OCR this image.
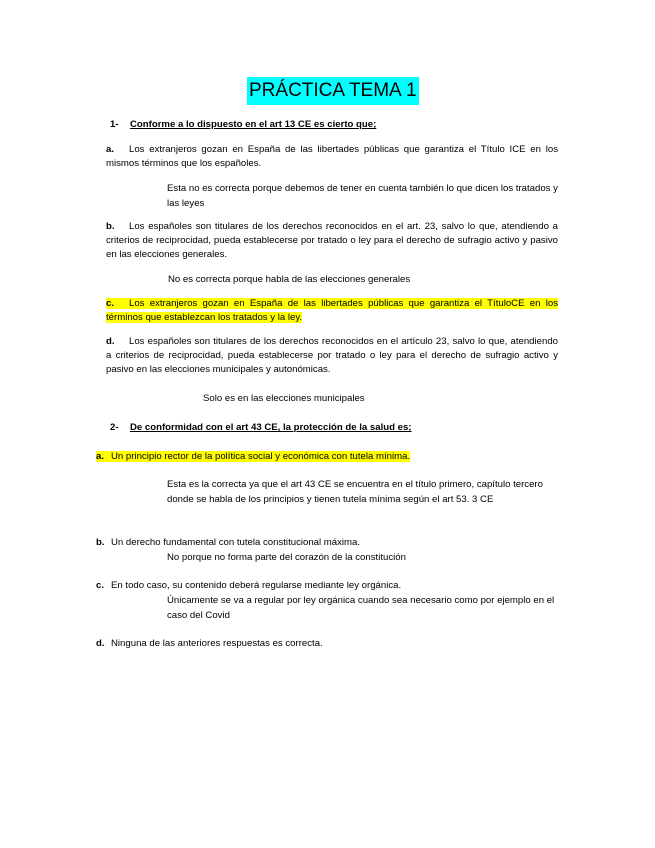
PRÁCTICA TEMA 1
1- Conforme a lo dispuesto en el art 13 CE es cierto que;
a. Los extranjeros gozan en España de las libertades públicas que garantiza el Título ICE en los mismos términos que los españoles.
Esta no es correcta porque debemos de tener en cuenta también lo que dicen los tratados y las leyes
b. Los españoles son titulares de los derechos reconocidos en el art. 23, salvo lo que, atendiendo a criterios de reciprocidad, pueda establecerse por tratado o ley para el derecho de sufragio activo y pasivo en las elecciones generales.
No es correcta porque habla de las elecciones generales
c. Los extranjeros gozan en España de las libertades públicas que garantiza el TítuloCE en los términos que establezcan los tratados y la ley.
d. Los españoles son titulares de los derechos reconocidos en el artículo 23, salvo lo que, atendiendo a criterios de reciprocidad, pueda establecerse por tratado o ley para el derecho de sufragio activo y pasivo en las elecciones municipales y autonómicas.
Solo es en las elecciones municipales
2- De conformidad con el art 43 CE, la protección de la salud es;
a. Un principio rector de la política social y económica con tutela mínima.
Esta es la correcta ya que el art 43 CE se encuentra en el título primero, capítulo tercero donde se habla de los principios y tienen tutela mínima según el art 53. 3 CE
b. Un derecho fundamental con tutela constitucional máxima.
No porque no forma parte del corazón de la constitución
c. En todo caso, su contenido deberá regularse mediante ley orgánica.
Únicamente se va a regular por ley orgánica cuando sea necesario como por ejemplo en el caso del Covid
d. Ninguna de las anteriores respuestas es correcta.
